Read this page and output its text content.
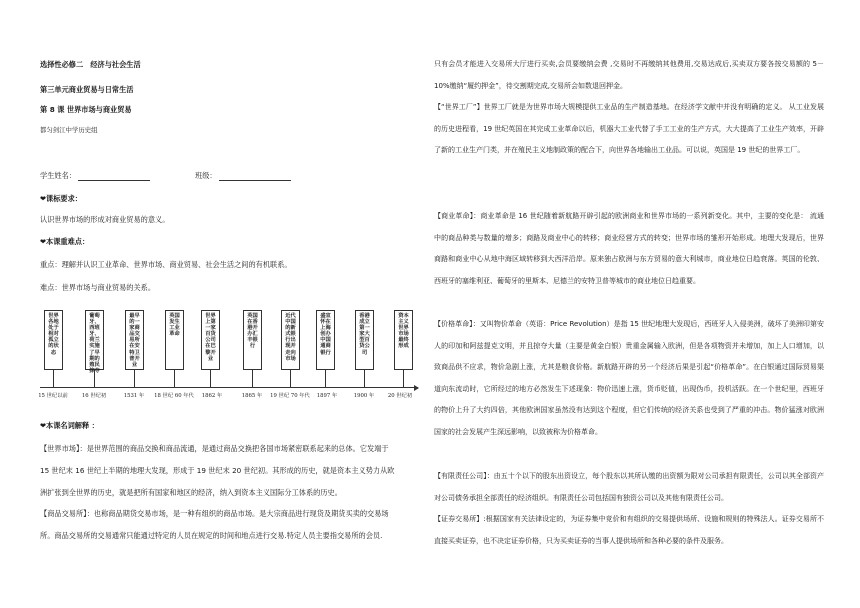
选择性必修二　经济与社会生活
第三单元商业贸易与日常生活
第 8 课 世界市场与商业贸易
都匀剑江中学历史组
学生姓名：	班级：
❤课标要求：
认识世界市场的形成对商业贸易的意义。
❤本课重难点：
重点：理解并认识工业革命、世界市场、商业贸易、社会生活之间的有机联系。
难点：世界市场与商业贸易的关系。
世界各地处于相对孤立的状态
葡萄牙、西班牙、荷兰实施了早期的殖民掠夺
最早的一家商品交易所在安特卫普开业
英国发生工业革命
世界上第一家百货公司在巴黎开业
英国在香港开办汇丰银行
近代中国的新式银行出现并走向市场
盛宣怀在上海创办中国通商银行
香港成立第一家大型百货公司
资本主义世界市场最终形成
15 世纪以前	16 世纪初	1531 年 18 世纪 60 年代 1862 年	1865 年 19 世纪 70 年代 1897 年	1900 年	20 世纪初
❤本课名词解释 ：
【世界市场】：是世界范围的商品交换和商品流通，是通过商品交换把各国市场紧密联系起来的总体。它发端于
15 世纪末 16 世纪上半期的地理大发现，形成于 19 世纪末 20 世纪初。其形成的历史，就是资本主义势力从欧
洲扩张到全世界的历史，就是把所有国家和地区的经济，纳入到资本主义国际分工体系的历史。
【商品交易所】：也称商品期货交易市场，是一种有组织的商品市场。是大宗商品进行现货及期货买卖的交易场
所。商品交易所的交易通常只能通过特定的人员在规定的时间和地点进行交易.特定人员主要指交易所的会员.
只有会员才能进入交易所大厅进行买卖,会员要缴纳会费 ,交易时不再缴纳其他费用,交易达成后,买卖双方要各按交易额的 5－10%缴纳“履约押金”，待交割期完成,交易所会如数退回押金。
【“世界工厂”】世界工厂就是为世界市场大规模提供工业品的生产制造基地。在经济学文献中并没有明确的定义。 从工业发展的历史进程看，19 世纪英国在其完成工业革命以后，机器大工业代替了手工工业的生产方式，大大提高了工业生产效率，开辟了新的工业生产门类，并在殖民主义地制政策的配合下，向世界各地输出工业品。可以说，英国是 19 世纪的世界工厂。
【商业革命】：商业革命是 16 世纪随着新航路开辟引起的欧洲商业和世界市场的一系列新变化。其中，主要的变化是： 流通中的商品种类与数量的增多；商路及商业中心的转移；商业经营方式的转变；世界市场的雏形开始形成。地理大发现后，世界商路和商业中心从地中海区域转移到大西洋沿岸。原来独占欧洲与东方贸易的意大利城市，商业地位日趋衰落。英国的伦敦、西班牙的塞维利亚、葡萄牙的里斯本、尼德兰的安特卫普等城市的商业地位日趋重要。
【价格革命】：又叫物价革命（英语：Price Revolution）是指 15 世纪地理大发现后，西班牙人入侵美洲，破坏了美洲印第安人的印加和阿兹提克文明，并且掠夺大量（主要是黄金白银）贵重金属输入欧洲，但是各项物资并未增加，加上人口增加，以致商品供不应求，物价急剧上涨，尤其是粮食价格。新航路开辟的另一个经济后果是引起“价格革命”。在白银通过国际贸易渠道向东流动时，它所经过的地方必然发生下述现象：物价迅速上涨，货币贬值，出现伪币，投机活跃。在一个世纪里，西班牙的物价上升了大约四倍，其他欧洲国家虽然没有达到这个程度，但它们传统的经济关系也受到了严重的冲击。物价猛涨对欧洲国家的社会发展产生深远影响，以致被称为价格革命。
【有限责任公司】：由五十个以下的股东出资设立，每个股东以其所认缴的出资额为限对公司承担有限责任，公司以其全部资产对公司债务承担全部责任的经济组织。有限责任公司包括国有独资公司以及其他有限责任公司。
【证券交易所】:根据国家有关法律设定的，为证券集中竞价和有组织的交易提供场所、设施和规则的特殊法人。证券交易所不直接买卖证券，也不决定证券价格，只为买卖证券的当事人提供场所和各种必要的条件及服务。
